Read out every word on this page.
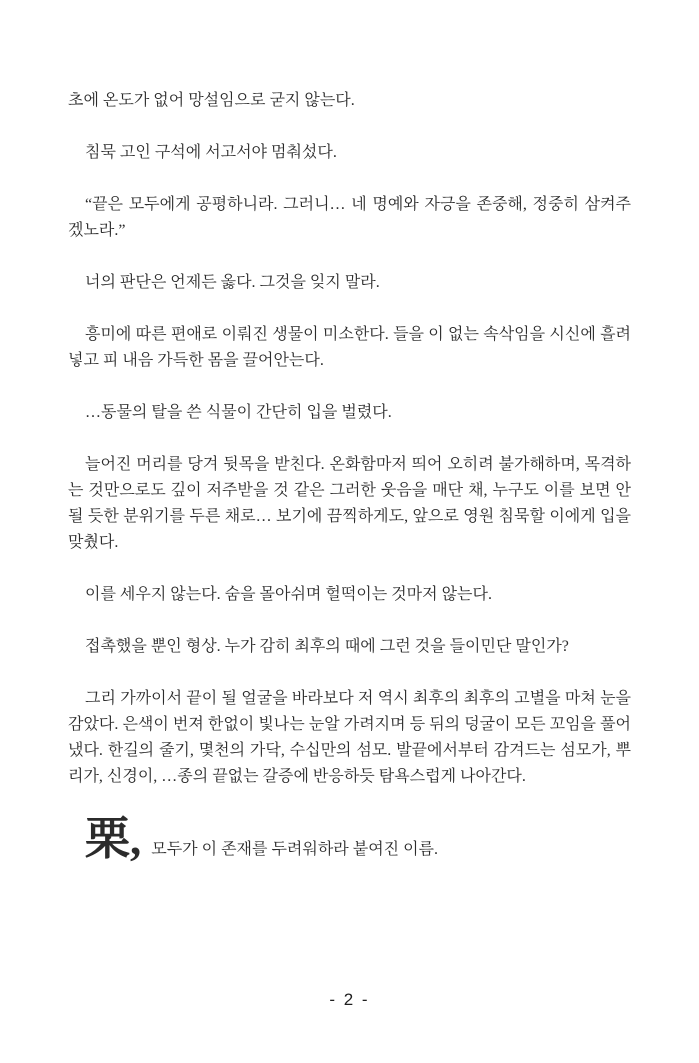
초에 온도가 없어 망설임으로 굳지 않는다.

침묵 고인 구석에 서고서야 멈춰섰다.

“끝은 모두에게 공평하니라. 그러니… 네 명예와 자긍을 존중해, 정중히 삼켜주겠노라.”

너의 판단은 언제든 옳다. 그것을 잊지 말라.

흥미에 따른 편애로 이뤄진 생물이 미소한다. 들을 이 없는 속삭임을 시신에 흘려넣고 피 내음 가득한 몸을 끌어안는다.

…동물의 탈을 쓴 식물이 간단히 입을 벌렸다.

늘어진 머리를 당겨 뒷목을 받친다. 온화함마저 띄어 오히려 불가해하며, 목격하는 것만으로도 깊이 저주받을 것 같은 그러한 웃음을 매단 채, 누구도 이를 보면 안 될 듯한 분위기를 두른 채로… 보기에 끔찍하게도, 앞으로 영원 침묵할 이에게 입을 맞췄다.

이를 세우지 않는다. 숨을 몰아쉬며 헐떡이는 것마저 않는다.

접촉했을 뿐인 형상. 누가 감히 최후의 때에 그런 것을 들이민단 말인가?

그리 가까이서 끝이 될 얼굴을 바라보다 저 역시 최후의 최후의 고별을 마쳐 눈을 감았다. 은색이 번져 한없이 빛나는 눈알 가려지며 등 뒤의 덩굴이 모든 꼬임을 풀어냈다. 한길의 줄기, 몇천의 가닥, 수십만의 섬모. 발끝에서부터 감겨드는 섬모가, 뿌리가, 신경이, …종의 끝없는 갈증에 반응하듯 탐욕스럽게 나아간다.

栗, 모두가 이 존재를 두려워하라 붙여진 이름.

- 2 -
